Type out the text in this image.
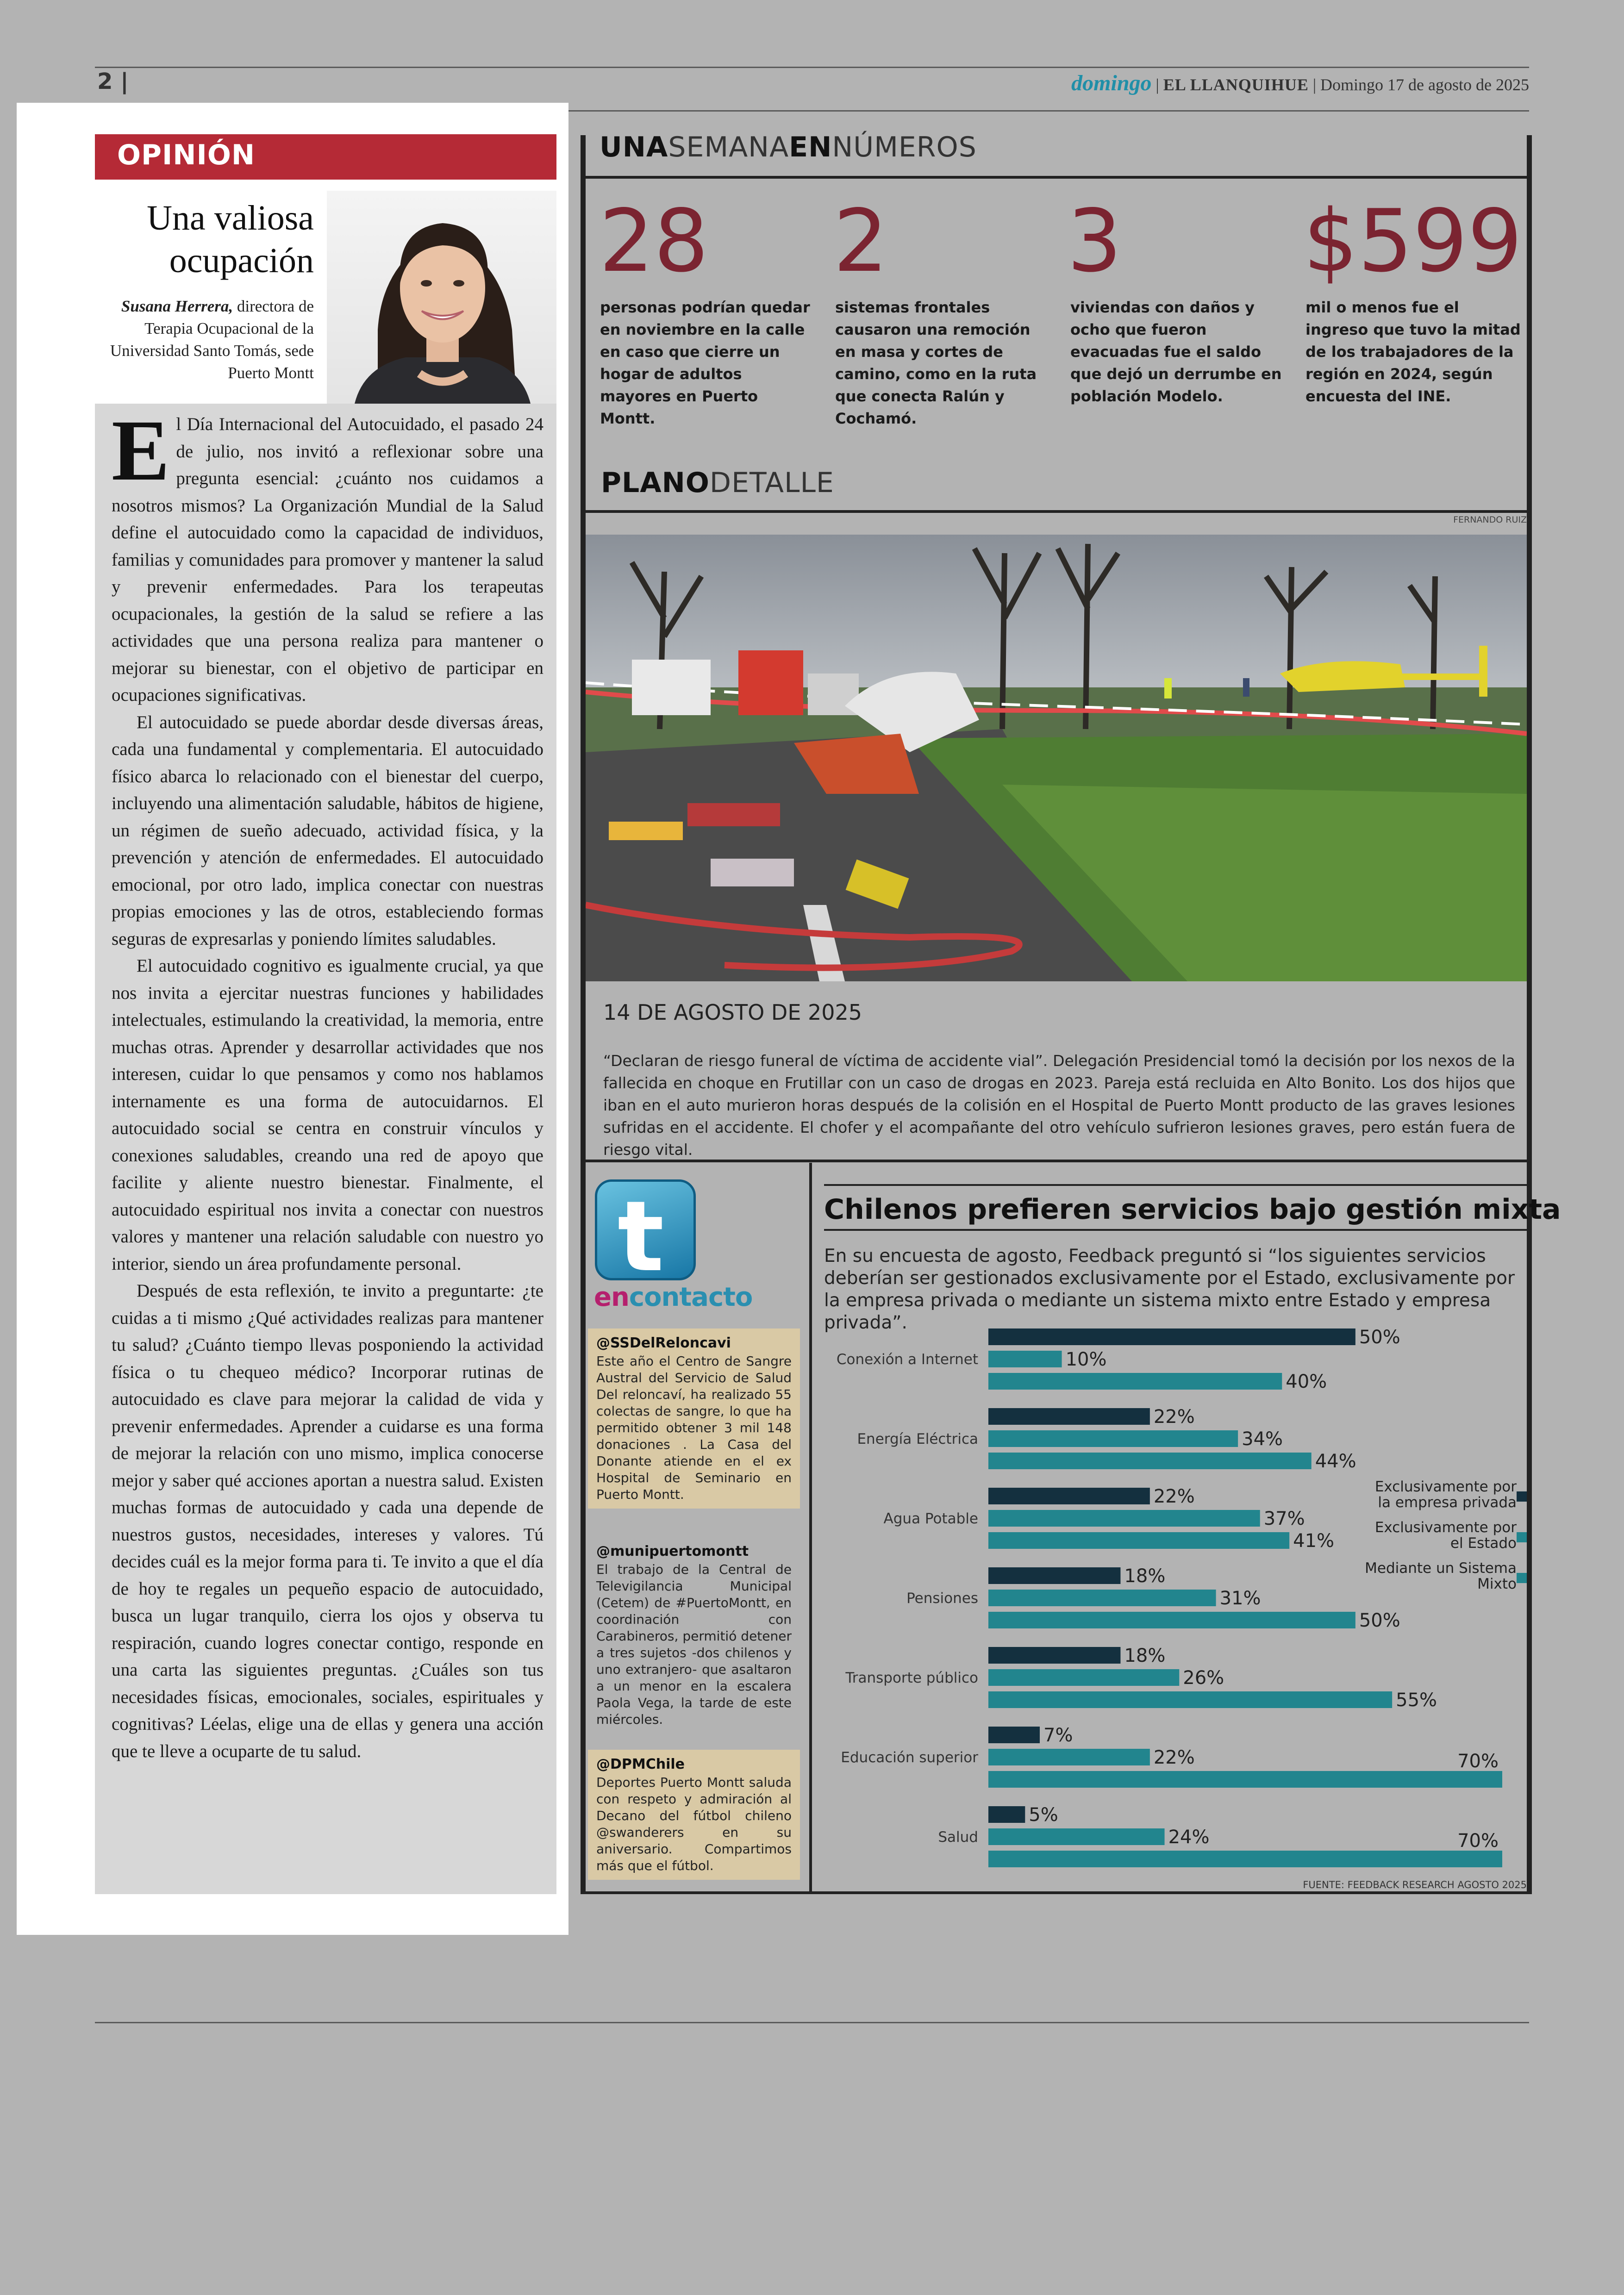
2 |	domingo | EL LLANQUIHUE | Domingo 17 de agosto de 2025
OPINIÓN
Una valiosa ocupación
Susana Herrera, directora de Terapia Ocupacional de la Universidad Santo Tomás, sede Puerto Montt

El Día Internacional del Autocuidado, el pasado 24 de julio, nos invitó a reflexionar sobre una pregunta esencial: ¿cuánto nos cuidamos a nosotros mismos? La Organización Mundial de la Salud define el autocuidado como la capacidad de individuos, familias y comunidades para promover y mantener la salud y prevenir enfermedades. Para los terapeutas ocupacionales, la gestión de la salud se refiere a las actividades que una persona realiza para mantener o mejorar su bienestar, con el objetivo de participar en ocupaciones significativas.

El autocuidado se puede abordar desde diversas áreas, cada una fundamental y complementaria. El autocuidado físico abarca lo relacionado con el bienestar del cuerpo, incluyendo una alimentación saludable, hábitos de higiene, un régimen de sueño adecuado, actividad física, y la prevención y atención de enfermedades. El autocuidado emocional, por otro lado, implica conectar con nuestras propias emociones y las de otros, estableciendo formas seguras de expresarlas y poniendo límites saludables.

El autocuidado cognitivo es igualmente crucial, ya que nos invita a ejercitar nuestras funciones y habilidades intelectuales, estimulando la creatividad, la memoria, entre muchas otras. Aprender y desarrollar actividades que nos interesen, cuidar lo que pensamos y como nos hablamos internamente es una forma de autocuidarnos. El autocuidado social se centra en construir vínculos y conexiones saludables, creando una red de apoyo que facilite y aliente nuestro bienestar. Finalmente, el autocuidado espiritual nos invita a conectar con nuestros valores y mantener una relación saludable con nuestro yo interior, siendo un área profundamente personal.

Después de esta reflexión, te invito a preguntarte: ¿te cuidas a ti mismo ¿Qué actividades realizas para mantener tu salud? ¿Cuánto tiempo llevas posponiendo la actividad física o tu chequeo médico? Incorporar rutinas de autocuidado es clave para mejorar la calidad de vida y prevenir enfermedades. Aprender a cuidarse es una forma de mejorar la relación con uno mismo, implica conocerse mejor y saber qué acciones aportan a nuestra salud. Existen muchas formas de autocuidado y cada una depende de nuestros gustos, necesidades, intereses y valores. Tú decides cuál es la mejor forma para ti. Te invito a que el día de hoy te regales un pequeño espacio de autocuidado, busca un lugar tranquilo, cierra los ojos y observa tu respiración, cuando logres conectar contigo, responde en una carta las siguientes preguntas. ¿Cuáles son tus necesidades físicas, emocionales, sociales, espirituales y cognitivas? Léelas, elige una de ellas y genera una acción que te lleve a ocuparte de tu salud.

UNASEMANAENNÚMEROS
28
personas podrían quedar en noviembre en la calle en caso que cierre un hogar de adultos mayores en Puerto Montt.
2
sistemas frontales causaron una remoción en masa y cortes de camino, como en la ruta que conecta Ralún y Cochamó.
3
viviendas con daños y ocho que fueron evacuadas fue el saldo que dejó un derrumbe en población Modelo.
$599
mil o menos fue el ingreso que tuvo la mitad de los trabajadores de la región en 2024, según encuesta del INE.
PLANODETALLE
FERNANDO RUIZ
14 DE AGOSTO DE 2025
“Declaran de riesgo funeral de víctima de accidente vial”. Delegación Presidencial tomó la decisión por los nexos de la fallecida en choque en Frutillar con un caso de drogas en 2023. Pareja está recluida en Alto Bonito. Los dos hijos que iban en el auto murieron horas después de la colisión en el Hospital de Puerto Montt producto de las graves lesiones sufridas en el accidente. El chofer y el acompañante del otro vehículo sufrieron lesiones graves, pero están fuera de riesgo vital.
t
encontacto
@SSDelReloncavi
Este año el Centro de Sangre Austral del Servicio de Salud Del reloncaví, ha realizado 55 colectas de sangre, lo que ha permitido obtener 3 mil 148 donaciones . La Casa del Donante atiende en el ex Hospital de Seminario en Puerto Montt.
@munipuertomontt
El trabajo de la Central de Televigilancia Municipal (Cetem) de #PuertoMontt, en coordinación con Carabineros, permitió detener a tres sujetos -dos chilenos y uno extranjero- que asaltaron a un menor en la escalera Paola Vega, la tarde de este miércoles.
@DPMChile
Deportes Puerto Montt saluda con respeto y admiración al Decano del fútbol chileno @swanderers en su aniversario. Compartimos más que el fútbol.
Chilenos prefieren servicios bajo gestión mixta
En su encuesta de agosto, Feedback preguntó si “los siguientes servicios deberían ser gestionados exclusivamente por el Estado, exclusivamente por la empresa privada o mediante un sistema mixto entre Estado y empresa privada”.
Conexión a Internet
50%
10%
40%
Energía Eléctrica
22%
34%
44%
Agua Potable
22%
37%
41%
Pensiones
18%
31%
50%
Transporte público
18%
26%
55%
Educación superior
7%
22%	70%
Salud
5%
24%	70%
Exclusivamente por la empresa privada
Exclusivamente por el Estado
Mediante un Sistema Mixto
FUENTE: FEEDBACK RESEARCH AGOSTO 2025
